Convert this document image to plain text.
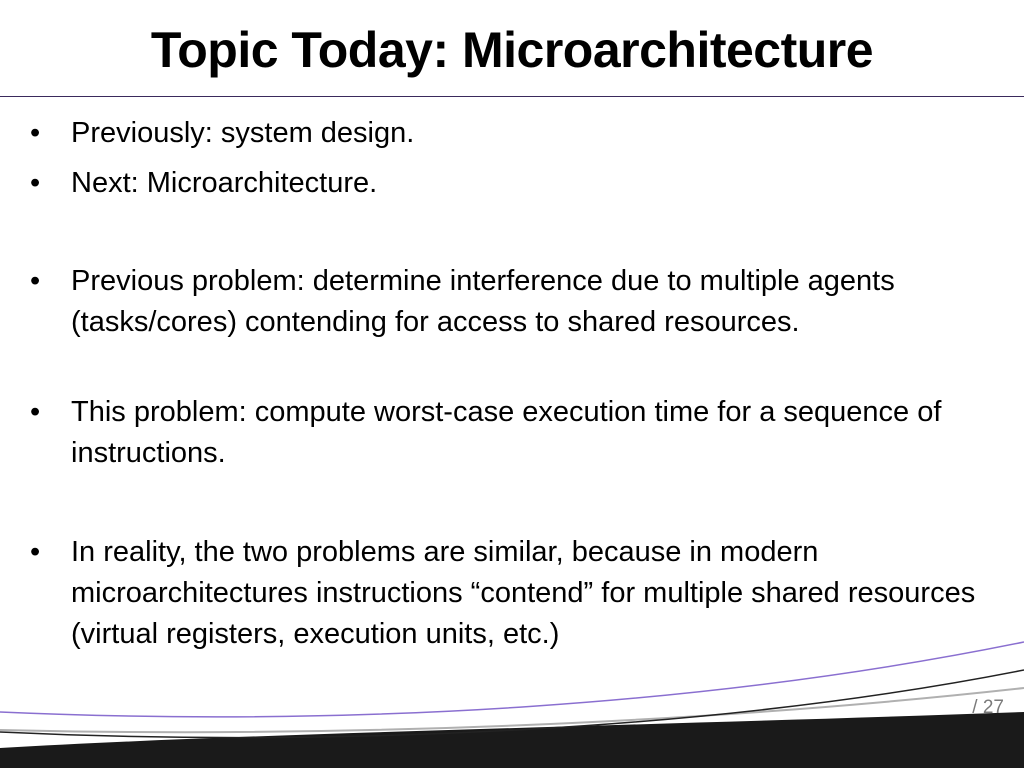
Topic Today: Microarchitecture
•	Previously: system design.
•	Next: Microarchitecture.
•	Previous problem: determine interference due to multiple agents (tasks/cores) contending for access to shared resources.
•	This problem: compute worst-case execution time for a sequence of instructions.
•	In reality, the two problems are similar, because in modern microarchitectures instructions “contend” for multiple shared resources (virtual registers, execution units, etc.)
/ 27
